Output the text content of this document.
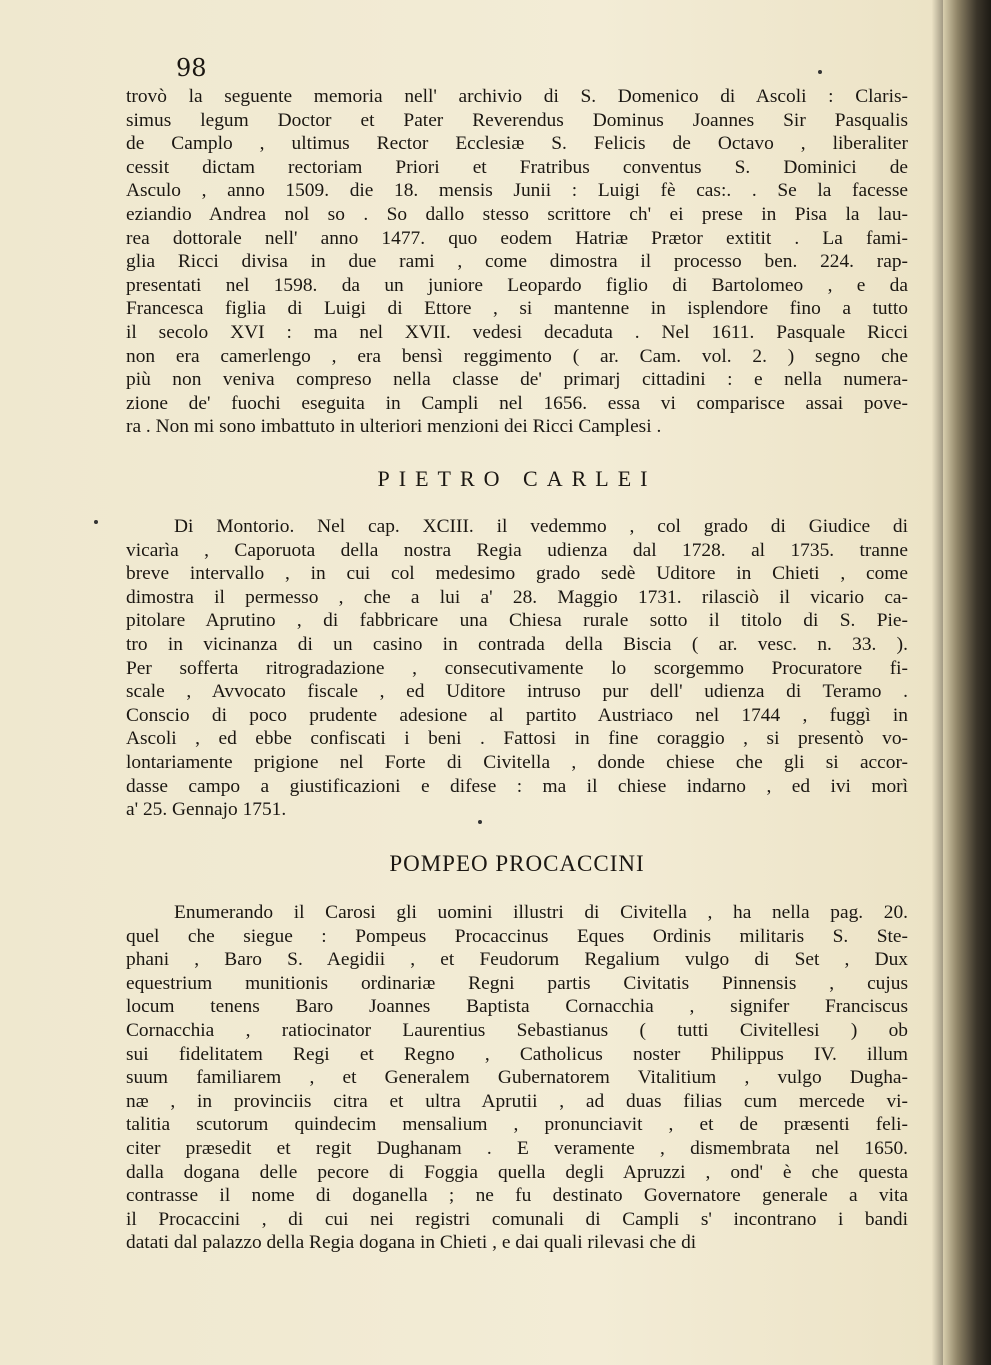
98
trovò la seguente memoria nell' archivio di S. Domenico di Ascoli : Claris-
simus legum Doctor et Pater Reverendus Dominus Joannes Sir Pasqualis
de Camplo , ultimus Rector Ecclesiæ S. Felicis de Octavo , liberaliter
cessit dictam rectoriam Priori et Fratribus conventus S. Dominici de
Asculo , anno 1509. die 18. mensis Junii : Luigi fè cas:. . Se la facesse
eziandio Andrea nol so . So dallo stesso scrittore ch' ei prese in Pisa la lau-
rea dottorale nell' anno 1477. quo eodem Hatriæ Prætor extitit . La fami-
glia Ricci divisa in due rami , come dimostra il processo ben. 224. rap-
presentati nel 1598. da un juniore Leopardo figlio di Bartolomeo , e da
Francesca figlia di Luigi di Ettore , si mantenne in isplendore fino a tutto
il secolo XVI : ma nel XVII. vedesi decaduta . Nel 1611. Pasquale Ricci
non era camerlengo , era bensì reggimento ( ar. Cam. vol. 2. ) segno che
più non veniva compreso nella classe de' primarj cittadini : e nella numera-
zione de' fuochi eseguita in Campli nel 1656. essa vi comparisce assai pove-
ra . Non mi sono imbattuto in ulteriori menzioni dei Ricci Camplesi .
PIETRO CARLEI
Di Montorio. Nel cap. XCIII. il vedemmo , col grado di Giudice di
vicarìa , Caporuota della nostra Regia udienza dal 1728. al 1735. tranne
breve intervallo , in cui col medesimo grado sedè Uditore in Chieti , come
dimostra il permesso , che a lui a' 28. Maggio 1731. rilasciò il vicario ca-
pitolare Aprutino , di fabbricare una Chiesa rurale sotto il titolo di S. Pie-
tro in vicinanza di un casino in contrada della Biscia ( ar. vesc. n. 33. ).
Per sofferta ritrogradazione , consecutivamente lo scorgemmo Procuratore fi-
scale , Avvocato fiscale , ed Uditore intruso pur dell' udienza di Teramo .
Conscio di poco prudente adesione al partito Austriaco nel 1744 , fuggì in
Ascoli , ed ebbe confiscati i beni . Fattosi in fine coraggio , si presentò vo-
lontariamente prigione nel Forte di Civitella , donde chiese che gli si accor-
dasse campo a giustificazioni e difese : ma il chiese indarno , ed ivi morì
a' 25. Gennajo 1751.
POMPEO PROCACCINI
Enumerando il Carosi gli uomini illustri di Civitella , ha nella pag. 20.
quel che siegue : Pompeus Procaccinus Eques Ordinis militaris S. Ste-
phani , Baro S. Aegidii , et Feudorum Regalium vulgo di Set , Dux
equestrium munitionis ordinariæ Regni partis Civitatis Pinnensis , cujus
locum tenens Baro Joannes Baptista Cornacchia , signifer Franciscus
Cornacchia , ratiocinator Laurentius Sebastianus ( tutti Civitellesi ) ob
sui fidelitatem Regi et Regno , Catholicus noster Philippus IV. illum
suum familiarem , et Generalem Gubernatorem Vitalitium , vulgo Dugha-
næ , in provinciis citra et ultra Aprutii , ad duas filias cum mercede vi-
talitia scutorum quindecim mensalium , pronunciavit , et de præsenti feli-
citer præsedit et regit Dughanam . E veramente , dismembrata nel 1650.
dalla dogana delle pecore di Foggia quella degli Apruzzi , ond' è che questa
contrasse il nome di doganella ; ne fu destinato Governatore generale a vita
il Procaccini , di cui nei registri comunali di Campli s' incontrano i bandi
datati dal palazzo della Regia dogana in Chieti , e dai quali rilevasi che di
